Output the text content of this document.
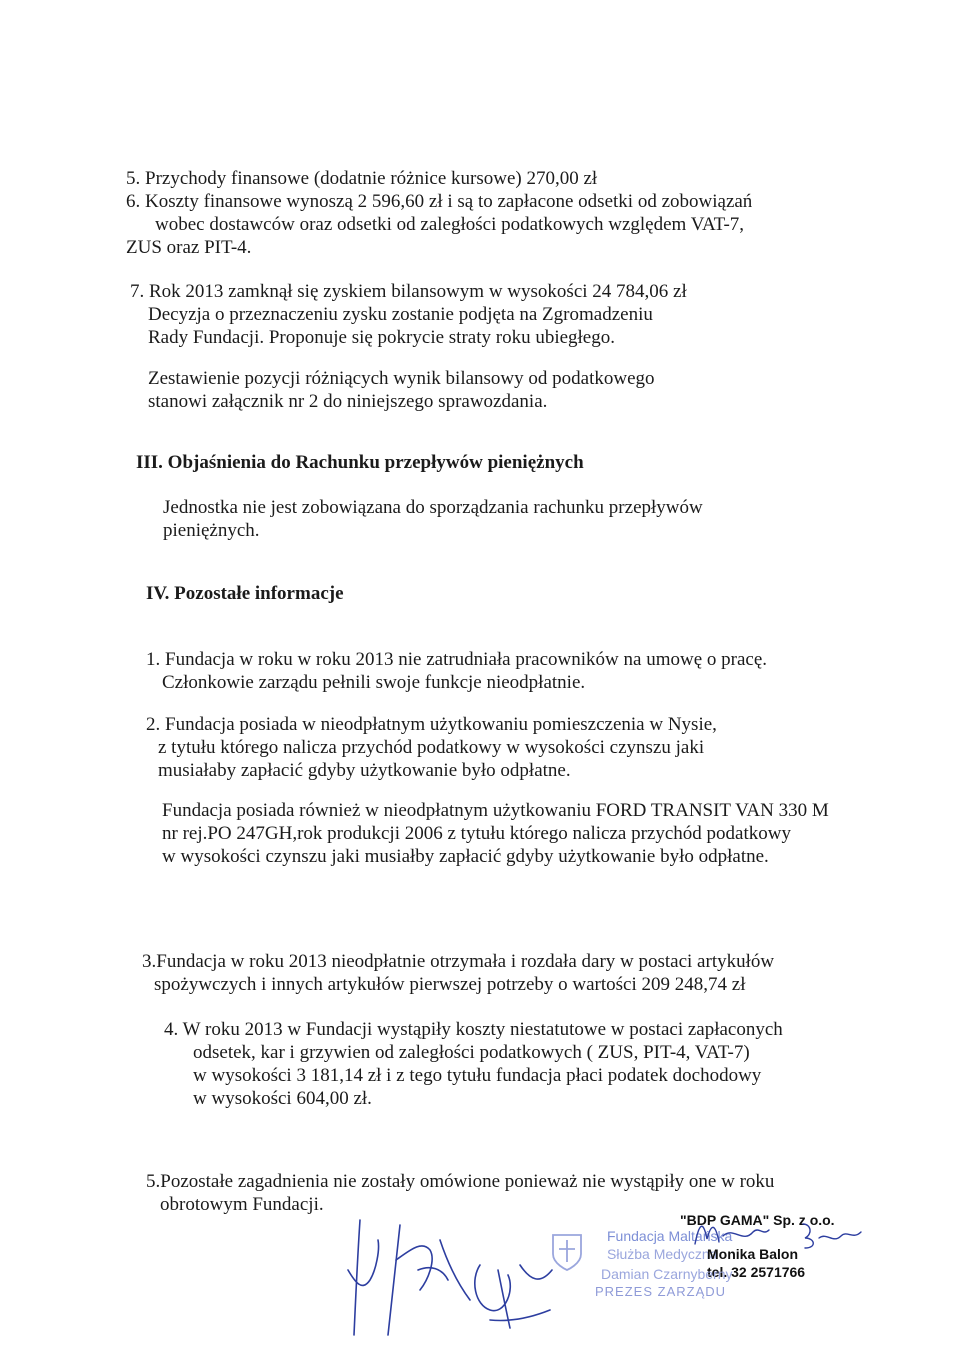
5. Przychody finansowe (dodatnie różnice kursowe) 270,00 zł
6. Koszty finansowe wynoszą 2 596,60 zł i są to zapłacone odsetki od zobowiązań
wobec dostawców oraz odsetki od zaległości podatkowych względem VAT-7,
ZUS oraz PIT-4.
7. Rok 2013 zamknął się zyskiem bilansowym w wysokości 24 784,06 zł
Decyzja o przeznaczeniu zysku zostanie podjęta na Zgromadzeniu
Rady Fundacji. Proponuje się pokrycie straty roku ubiegłego.
Zestawienie pozycji różniących wynik bilansowy od podatkowego
stanowi załącznik nr 2 do niniejszego sprawozdania.
III. Objaśnienia do Rachunku przepływów pieniężnych
Jednostka nie jest zobowiązana do sporządzania rachunku przepływów
pieniężnych.
IV. Pozostałe informacje
1. Fundacja w roku w roku 2013 nie zatrudniała pracowników na umowę o pracę.
Członkowie zarządu pełnili swoje funkcje nieodpłatnie.
2. Fundacja posiada w nieodpłatnym użytkowaniu pomieszczenia w Nysie,
z tytułu którego nalicza przychód podatkowy w wysokości czynszu jaki
musiałaby zapłacić gdyby użytkowanie było odpłatne.
Fundacja posiada również w nieodpłatnym użytkowaniu FORD TRANSIT VAN 330 M
nr rej.PO 247GH,rok produkcji 2006 z tytułu którego nalicza przychód podatkowy
w wysokości czynszu jaki musiałby zapłacić gdyby użytkowanie było odpłatne.
3.Fundacja w roku 2013 nieodpłatnie otrzymała i rozdała dary w postaci artykułów
spożywczych i innych artykułów pierwszej potrzeby o wartości 209 248,74 zł
4. W roku 2013 w Fundacji wystąpiły koszty niestatutowe w postaci zapłaconych
odsetek, kar i grzywien od zaległości podatkowych ( ZUS, PIT-4, VAT-7)
w wysokości 3 181,14 zł i z tego tytułu fundacja płaci podatek dochodowy
w wysokości 604,00 zł.
5.Pozostałe zagadnienia nie zostały omówione ponieważ nie wystąpiły one w roku
obrotowym Fundacji.
"BDP GAMA" Sp. z o.o.
Fundacja Maltańska
Służba Medyczna
Monika Balon
tel. 32 2571766
Damian Czarnyberny
PREZES ZARZĄDU
